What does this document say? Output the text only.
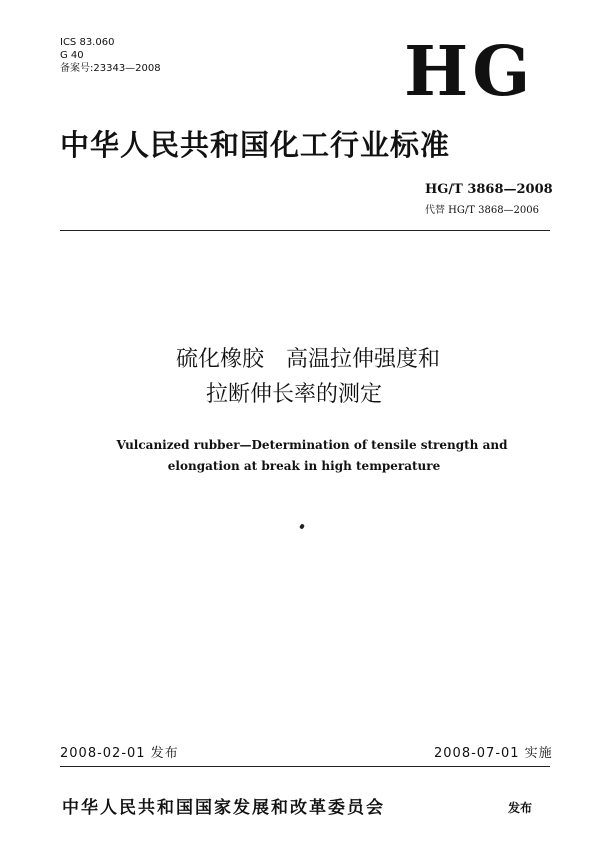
ICS 83.060
G 40
备案号:23343—2008	HG
中华人民共和国化工行业标准
HG/T 3868—2008
代替 HG/T 3868—2006
硫化橡胶　高温拉伸强度和
拉断伸长率的测定
Vulcanized rubber—Determination of tensile strength and
elongation at break in high temperature
2008-02-01 发布	2008-07-01 实施
中华人民共和国国家发展和改革委员会	发布
